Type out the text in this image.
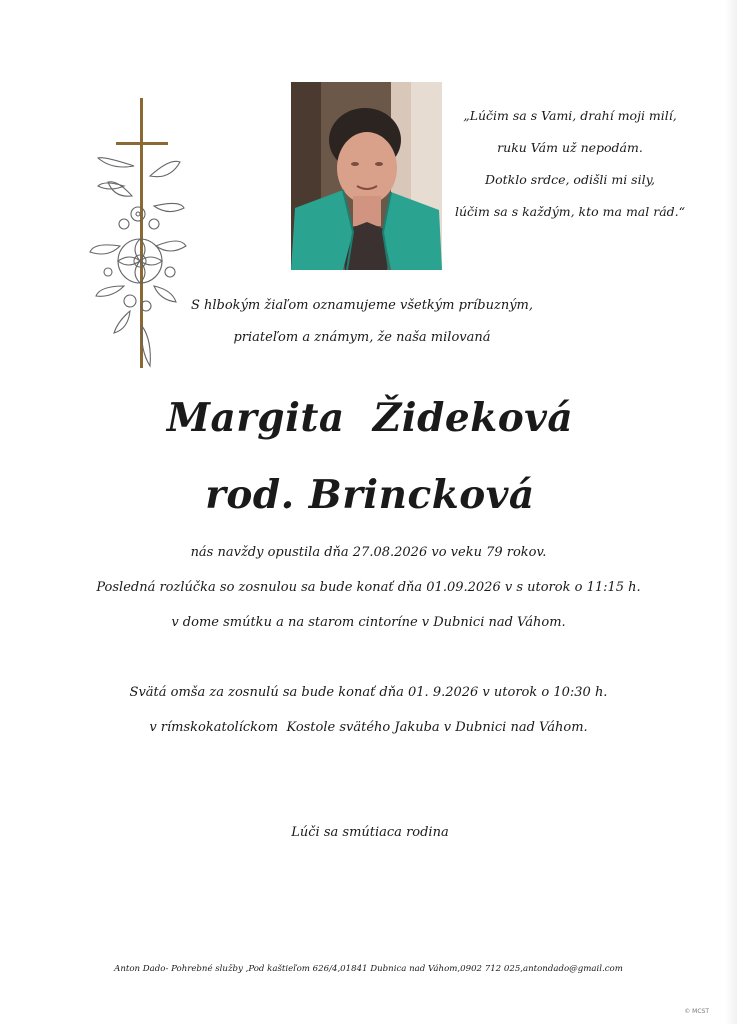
„Lúčim sa s Vami, drahí moji milí,
ruku Vám už nepodám.
Dotklo srdce, odišli mi sily,
lúčim sa s každým, kto ma mal rád.“
S hlbokým žiaľom oznamujeme všetkým príbuzným,
priateľom a známym, že naša milovaná
Margita  Žideková
rod. Brincková
nás navždy opustila dňa 27.08.2026 vo veku 79 rokov.
Posledná rozlúčka so zosnulou sa bude konať dňa 01.09.2026 v s utorok o 11:15 h.
v dome smútku a na starom cintoríne v Dubnici nad Váhom.
Svätá omša za zosnulú sa bude konať dňa 01. 9.2026 v utorok o 10:30 h.
v rímskokatolíckom  Kostole svätého Jakuba v Dubnici nad Váhom.
Lúči sa smútiaca rodina
Anton Dado- Pohrebné služby ,Pod kaštieľom 626/4,01841 Dubnica nad Váhom,0902 712 025,antondado@gmail.com
© MCST
